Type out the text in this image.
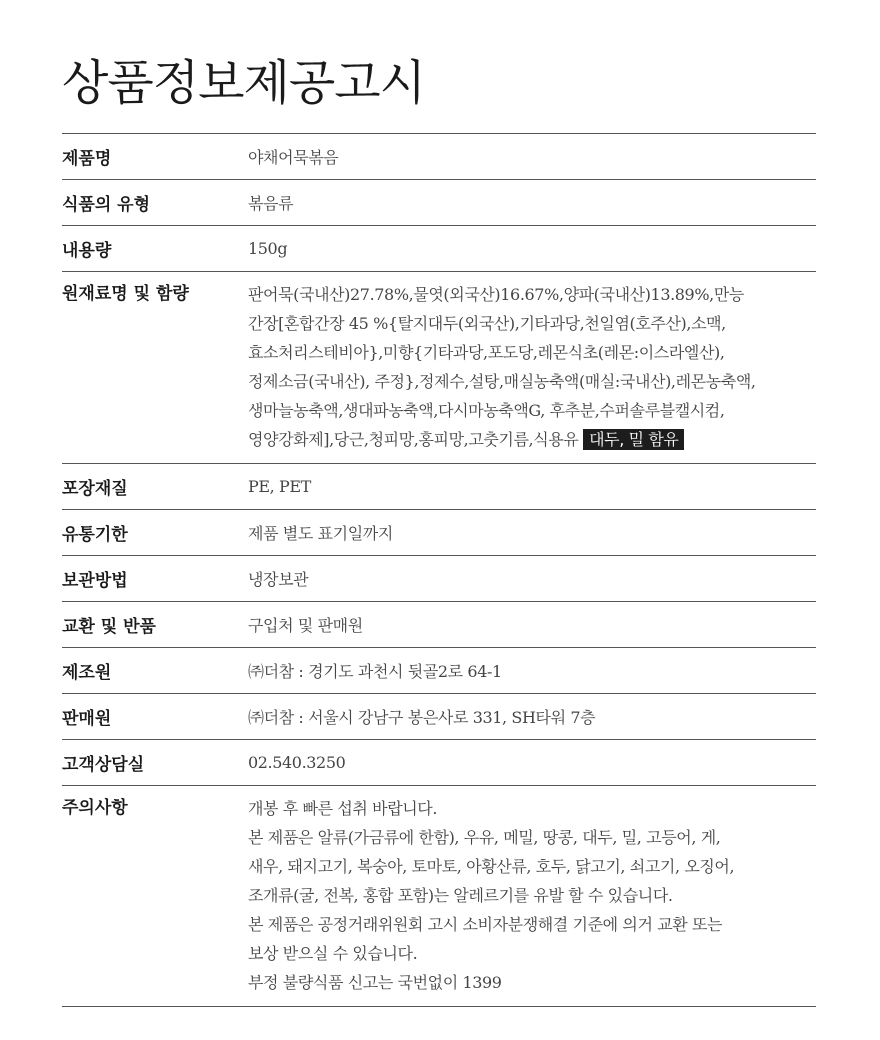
상품정보제공고시
제품명	야채어묵볶음
식품의 유형	볶음류
내용량	150g
원재료명 및 함량	판어묵(국내산)27.78%,물엿(외국산)16.67%,양파(국내산)13.89%,만능
간장[혼합간장 45 %{탈지대두(외국산),기타과당,천일염(호주산),소맥,
효소처리스테비아},미향{기타과당,포도당,레몬식초(레몬:이스라엘산),
정제소금(국내산), 주정},정제수,설탕,매실농축액(매실:국내산),레몬농축액,
생마늘농축액,생대파농축액,다시마농축액G, 후추분,수퍼솔루블캘시컴,
영양강화제],당근,청피망,홍피망,고춧기름,식용유 대두, 밀 함유
포장재질	PE, PET
유통기한	제품 별도 표기일까지
보관방법	냉장보관
교환 및 반품	구입처 및 판매원
제조원	㈜더참 : 경기도 과천시 뒷골2로 64-1
판매원	㈜더참 : 서울시 강남구 봉은사로 331, SH타워 7층
고객상담실	02.540.3250
주의사항	개봉 후 빠른 섭취 바랍니다.
본 제품은 알류(가금류에 한함), 우유, 메밀, 땅콩, 대두, 밀, 고등어, 게,
새우, 돼지고기, 복숭아, 토마토, 아황산류, 호두, 닭고기, 쇠고기, 오징어,
조개류(굴, 전복, 홍합 포함)는 알레르기를 유발 할 수 있습니다.
본 제품은 공정거래위원회 고시 소비자분쟁해결 기준에 의거 교환 또는
보상 받으실 수 있습니다.
부정 불량식품 신고는 국번없이 1399
